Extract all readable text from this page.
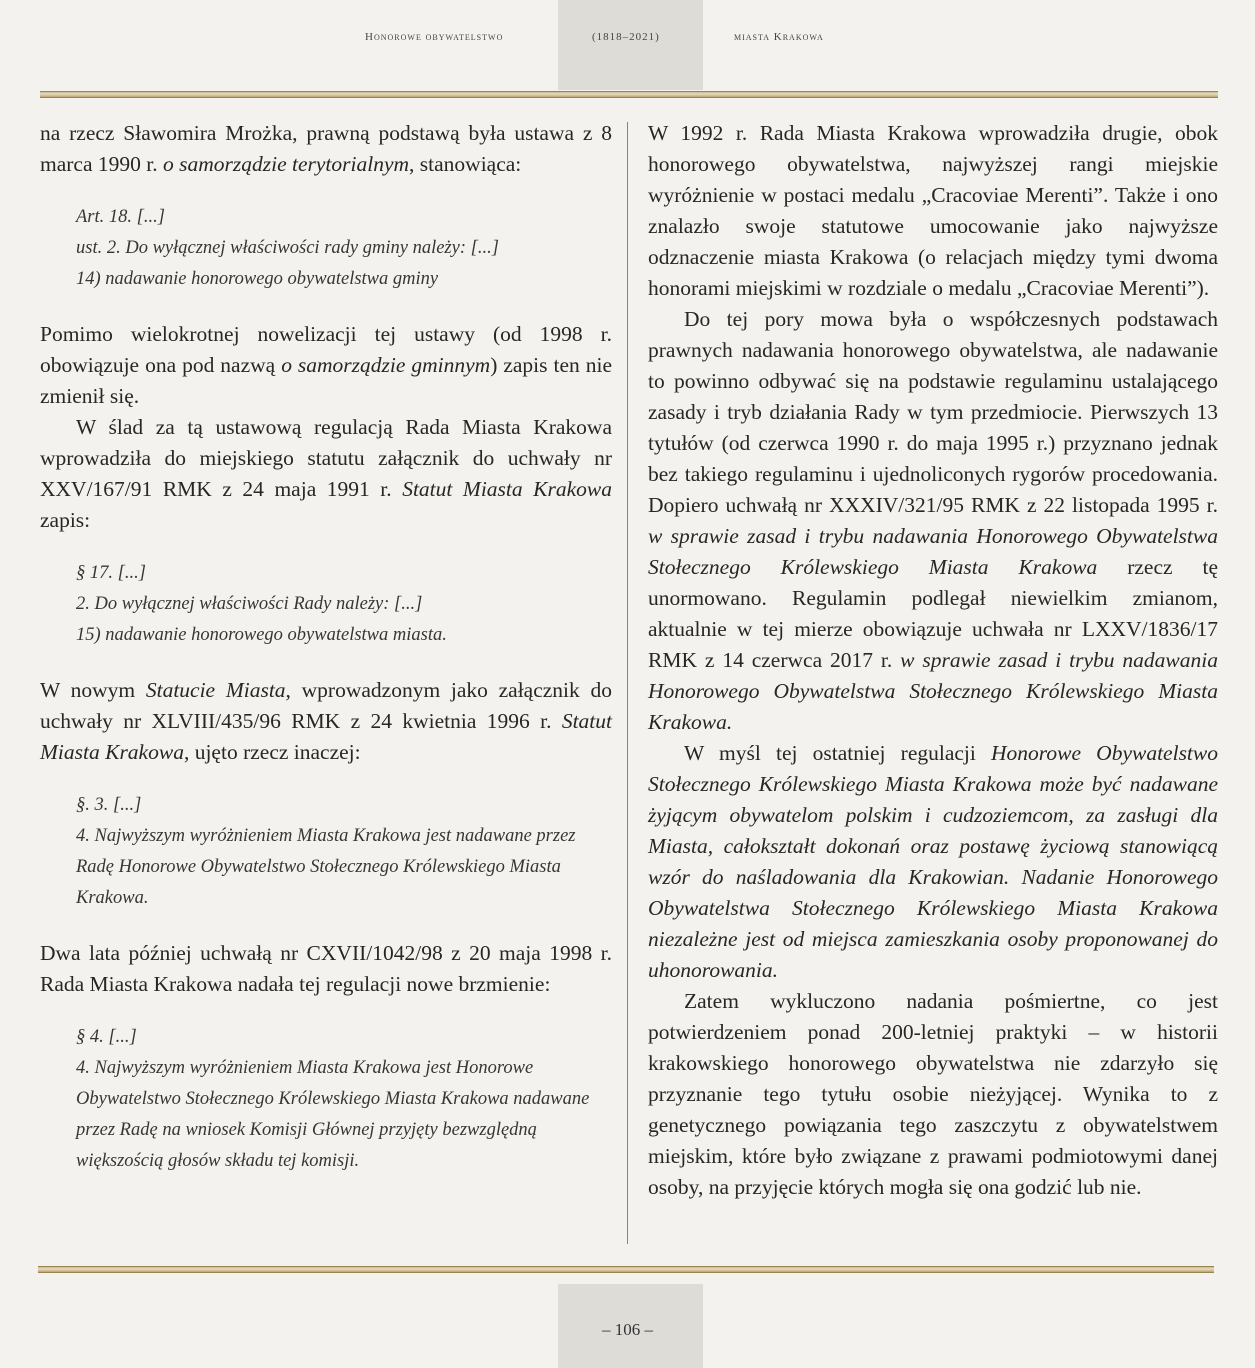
Honorowe obywatelstwo	(1818–2021)	miasta Krakowa

na rzecz Sławomira Mrożka, prawną podstawą była ustawa z 8 marca 1990 r. o samorządzie terytorialnym, stanowiąca:

Art. 18. [...]
ust. 2. Do wyłącznej właściwości rady gminy należy: [...]
14) nadawanie honorowego obywatelstwa gminy

Pomimo wielokrotnej nowelizacji tej ustawy (od 1998 r. obowiązuje ona pod nazwą o samorządzie gminnym) zapis ten nie zmienił się.

W ślad za tą ustawową regulacją Rada Miasta Krakowa wprowadziła do miejskiego statutu załącznik do uchwały nr XXV/167/91 RMK z 24 maja 1991 r. Statut Miasta Krakowa zapis:

§ 17. [...]
2. Do wyłącznej właściwości Rady należy: [...]
15) nadawanie honorowego obywatelstwa miasta.

W nowym Statucie Miasta, wprowadzonym jako załącznik do uchwały nr XLVIII/435/96 RMK z 24 kwietnia 1996 r. Statut Miasta Krakowa, ujęto rzecz inaczej:

§. 3. [...]
4. Najwyższym wyróżnieniem Miasta Krakowa jest nadawane przez Radę Honorowe Obywatelstwo Stołecznego Królewskiego Miasta Krakowa.

Dwa lata później uchwałą nr CXVII/1042/98 z 20 maja 1998 r. Rada Miasta Krakowa nadała tej regulacji nowe brzmienie:

§ 4. [...]
4. Najwyższym wyróżnieniem Miasta Krakowa jest Honorowe Obywatelstwo Stołecznego Królewskiego Miasta Krakowa nadawane przez Radę na wniosek Komisji Głównej przyjęty bezwzględną większością głosów składu tej komisji.

W 1992 r. Rada Miasta Krakowa wprowadziła drugie, obok honorowego obywatelstwa, najwyższej rangi miejskie wyróżnienie w postaci medalu „Cracoviae Merenti”. Także i ono znalazło swoje statutowe umocowanie jako najwyższe odznaczenie miasta Krakowa (o relacjach między tymi dwoma honorami miejskimi w rozdziale o medalu „Cracoviae Merenti”).

Do tej pory mowa była o współczesnych podstawach prawnych nadawania honorowego obywatelstwa, ale nadawanie to powinno odbywać się na podstawie regulaminu ustalającego zasady i tryb działania Rady w tym przedmiocie. Pierwszych 13 tytułów (od czerwca 1990 r. do maja 1995 r.) przyznano jednak bez takiego regulaminu i ujednoliconych rygorów procedowania. Dopiero uchwałą nr XXXIV/321/95 RMK z 22 listopada 1995 r. w sprawie zasad i trybu nadawania Honorowego Obywatelstwa Stołecznego Królewskiego Miasta Krakowa rzecz tę unormowano. Regulamin podlegał niewielkim zmianom, aktualnie w tej mierze obowiązuje uchwała nr LXXV/1836/17 RMK z 14 czerwca 2017 r. w sprawie zasad i trybu nadawania Honorowego Obywatelstwa Stołecznego Królewskiego Miasta Krakowa.

W myśl tej ostatniej regulacji Honorowe Obywatelstwo Stołecznego Królewskiego Miasta Krakowa może być nadawane żyjącym obywatelom polskim i cudzoziemcom, za zasługi dla Miasta, całokształt dokonań oraz postawę życiową stanowiącą wzór do naśladowania dla Krakowian. Nadanie Honorowego Obywatelstwa Stołecznego Królewskiego Miasta Krakowa niezależne jest od miejsca zamieszkania osoby proponowanej do uhonorowania.

Zatem wykluczono nadania pośmiertne, co jest potwierdzeniem ponad 200-letniej praktyki – w historii krakowskiego honorowego obywatelstwa nie zdarzyło się przyznanie tego tytułu osobie nieżyjącej. Wynika to z genetycznego powiązania tego zaszczytu z obywatelstwem miejskim, które było związane z prawami podmiotowymi danej osoby, na przyjęcie których mogła się ona godzić lub nie.

– 106 –
